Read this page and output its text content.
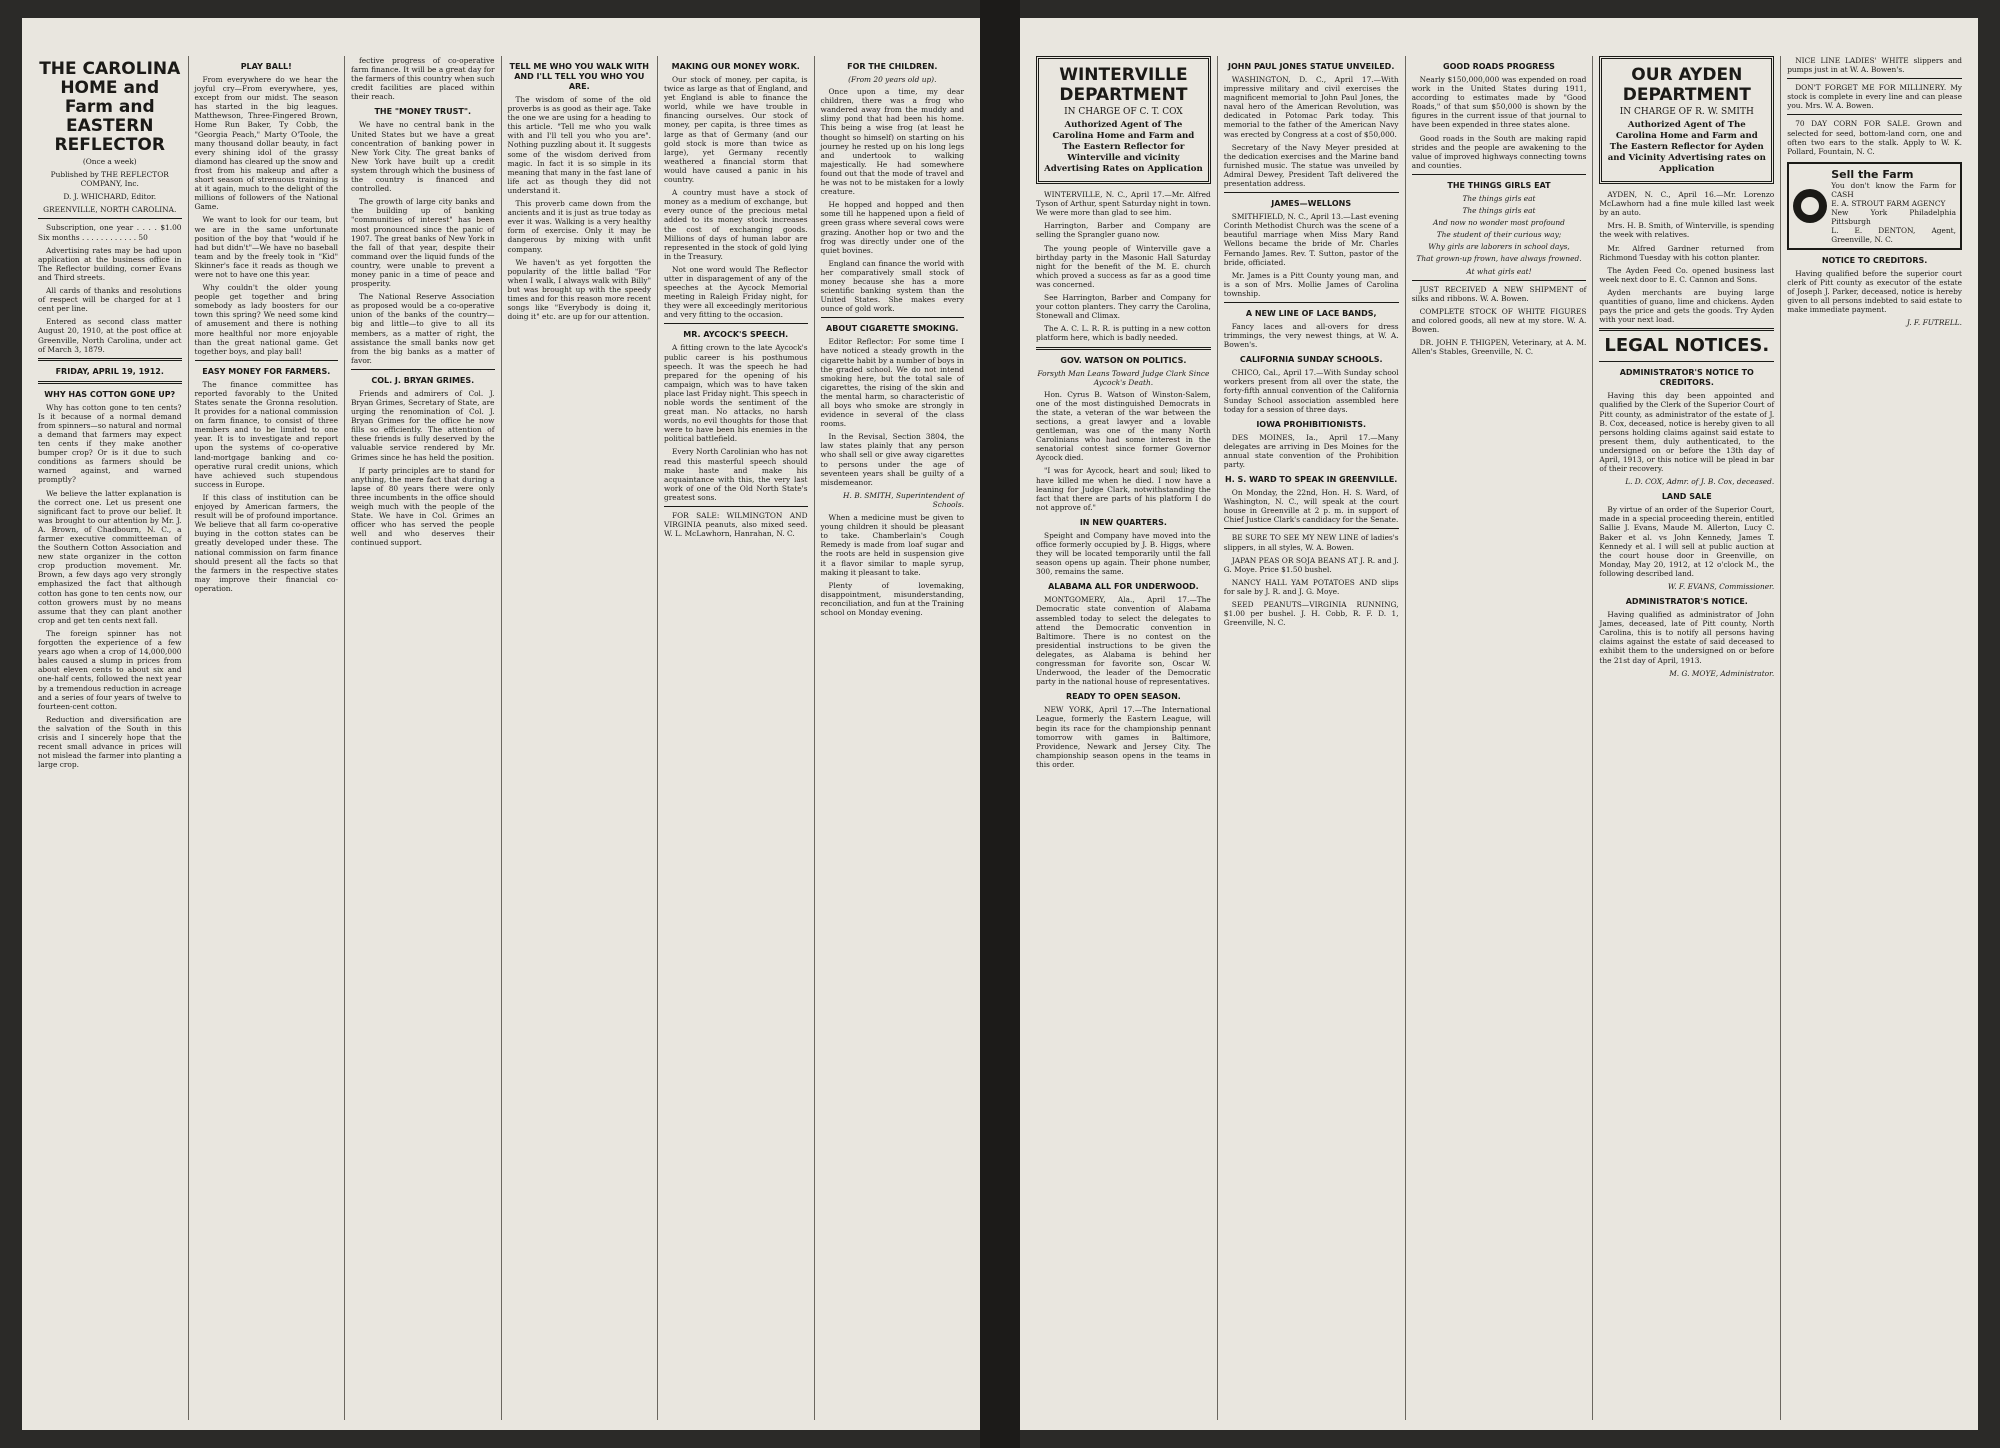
THE CAROLINA HOME and Farm and EASTERN REFLECTOR
(Once a week)
Published by THE REFLECTOR COMPANY, Inc.
D. J. WHICHARD, Editor.
GREENVILLE, NORTH CAROLINA.

Subscription, one year . . . . $1.00 Six months . . . . . . . . . . . . 50

Advertising rates may be had upon application at the business office in The Reflector building, corner Evans and Third streets.

All cards of thanks and resolutions of respect will be charged for at 1 cent per line.

Entered as second class matter August 20, 1910, at the post office at Greenville, North Carolina, under act of March 3, 1879.

FRIDAY, APRIL 19, 1912.
WHY HAS COTTON GONE UP?

Why has cotton gone to ten cents? Is it because of a normal demand from spinners—so natural and normal a demand that farmers may expect ten cents if they make another bumper crop? Or is it due to such conditions as farmers should be warned against, and warned promptly?

We believe the latter explanation is the correct one. Let us present one significant fact to prove our belief. It was brought to our attention by Mr. J. A. Brown, of Chadbourn, N. C., a farmer executive committeeman of the Southern Cotton Association and new state organizer in the cotton crop production movement. Mr. Brown, a few days ago very strongly emphasized the fact that although cotton has gone to ten cents now, our cotton growers must by no means assume that they can plant another crop and get ten cents next fall.

The foreign spinner has not forgotten the experience of a few years ago when a crop of 14,000,000 bales caused a slump in prices from about eleven cents to about six and one-half cents, followed the next year by a tremendous reduction in acreage and a series of four years of twelve to fourteen-cent cotton.

Reduction and diversification are the salvation of the South in this crisis and I sincerely hope that the recent small advance in prices will not mislead the farmer into planting a large crop.

PLAY BALL!

From everywhere do we hear the joyful cry—From everywhere, yes, except from our midst. The season has started in the big leagues. Matthewson, Three-Fingered Brown, Home Run Baker, Ty Cobb, the "Georgia Peach," Marty O'Toole, the many thousand dollar beauty, in fact every shining idol of the grassy diamond has cleared up the snow and frost from his makeup and after a short season of strenuous training is at it again, much to the delight of the millions of followers of the National Game.

We want to look for our team, but we are in the same unfortunate position of the boy that "would if he had but didn't"—We have no baseball team and by the freely took in "Kid" Skinner's face it reads as though we were not to have one this year.

Why couldn't the older young people get together and bring somebody as lady boosters for our town this spring? We need some kind of amusement and there is nothing more healthful nor more enjoyable than the great national game. Get together boys, and play ball!

EASY MONEY FOR FARMERS.

The finance committee has reported favorably to the United States senate the Gronna resolution. It provides for a national commission on farm finance, to consist of three members and to be limited to one year. It is to investigate and report upon the systems of co-operative land-mortgage banking and co-operative rural credit unions, which have achieved such stupendous success in Europe.

If this class of institution can be enjoyed by American farmers, the result will be of profound importance. We believe that all farm co-operative buying in the cotton states can be greatly developed under these. The national commission on farm finance should present all the facts so that the farmers in the respective states may improve their financial co-operation.

fective progress of co-operative farm finance. It will be a great day for the farmers of this country when such credit facilities are placed within their reach.

THE "MONEY TRUST".

We have no central bank in the United States but we have a great concentration of banking power in New York City. The great banks of New York have built up a credit system through which the business of the country is financed and controlled.

The growth of large city banks and the building up of banking "communities of interest" has been most pronounced since the panic of 1907. The great banks of New York in the fall of that year, despite their command over the liquid funds of the country, were unable to prevent a money panic in a time of peace and prosperity.

The National Reserve Association as proposed would be a co-operative union of the banks of the country—big and little—to give to all its members, as a matter of right, the assistance the small banks now get from the big banks as a matter of favor.

COL. J. BRYAN GRIMES.

Friends and admirers of Col. J. Bryan Grimes, Secretary of State, are urging the renomination of Col. J. Bryan Grimes for the office he now fills so efficiently. The attention of these friends is fully deserved by the valuable service rendered by Mr. Grimes since he has held the position.

If party principles are to stand for anything, the mere fact that during a lapse of 80 years there were only three incumbents in the office should weigh much with the people of the State. We have in Col. Grimes an officer who has served the people well and who deserves their continued support.

TELL ME WHO YOU WALK WITH AND I'LL TELL YOU WHO YOU ARE.

The wisdom of some of the old proverbs is as good as their age. Take the one we are using for a heading to this article. "Tell me who you walk with and I'll tell you who you are". Nothing puzzling about it. It suggests some of the wisdom derived from magic. In fact it is so simple in its meaning that many in the fast lane of life act as though they did not understand it.

This proverb came down from the ancients and it is just as true today as ever it was. Walking is a very healthy form of exercise. Only it may be dangerous by mixing with unfit company.

We haven't as yet forgotten the popularity of the little ballad "For when I walk, I always walk with Billy" but was brought up with the speedy times and for this reason more recent songs like "Everybody is doing it, doing it" etc. are up for our attention.

MAKING OUR MONEY WORK.

Our stock of money, per capita, is twice as large as that of England, and yet England is able to finance the world, while we have trouble in financing ourselves. Our stock of money, per capita, is three times as large as that of Germany (and our gold stock is more than twice as large), yet Germany recently weathered a financial storm that would have caused a panic in his country.

A country must have a stock of money as a medium of exchange, but every ounce of the precious metal added to its money stock increases the cost of exchanging goods. Millions of days of human labor are represented in the stock of gold lying in the Treasury.

Not one word would The Reflector utter in disparagement of any of the speeches at the Aycock Memorial meeting in Raleigh Friday night, for they were all exceedingly meritorious and very fitting to the occasion.

MR. AYCOCK'S SPEECH.

A fitting crown to the late Aycock's public career is his posthumous speech. It was the speech he had prepared for the opening of his campaign, which was to have taken place last Friday night. This speech in noble words the sentiment of the great man. No attacks, no harsh words, no evil thoughts for those that were to have been his enemies in the political battlefield.

Every North Carolinian who has not read this masterful speech should make haste and make his acquaintance with this, the very last work of one of the Old North State's greatest sons.

FOR SALE: WILMINGTON AND VIRGINIA peanuts, also mixed seed. W. L. McLawhorn, Hanrahan, N. C.

FOR THE CHILDREN.
(From 20 years old up).

Once upon a time, my dear children, there was a frog who wandered away from the muddy and slimy pond that had been his home. This being a wise frog (at least he thought so himself) on starting on his journey he rested up on his long legs and undertook to walking majestically. He had somewhere found out that the mode of travel and he was not to be mistaken for a lowly creature.

He hopped and hopped and then some till he happened upon a field of green grass where several cows were grazing. Another hop or two and the frog was directly under one of the quiet bovines.

England can finance the world with her comparatively small stock of money because she has a more scientific banking system than the United States. She makes every ounce of gold work.

ABOUT CIGARETTE SMOKING.

Editor Reflector: For some time I have noticed a steady growth in the cigarette habit by a number of boys in the graded school. We do not intend smoking here, but the total sale of cigarettes, the rising of the skin and the mental harm, so characteristic of all boys who smoke are strongly in evidence in several of the class rooms.

In the Revisal, Section 3804, the law states plainly that any person who shall sell or give away cigarettes to persons under the age of seventeen years shall be guilty of a misdemeanor.

H. B. SMITH, Superintendent of Schools.

When a medicine must be given to young children it should be pleasant to take. Chamberlain's Cough Remedy is made from loaf sugar and the roots are held in suspension give it a flavor similar to maple syrup, making it pleasant to take.

Plenty of lovemaking, disappointment, misunderstanding, reconciliation, and fun at the Training school on Monday evening.

WINTERVILLE DEPARTMENT
IN CHARGE OF C. T. COX
Authorized Agent of The Carolina Home and Farm and The Eastern Reflector for Winterville and vicinity Advertising Rates on Application

WINTERVILLE, N. C., April 17.—Mr. Alfred Tyson of Arthur, spent Saturday night in town. We were more than glad to see him.

Harrington, Barber and Company are selling the Sprangler guano now.

The young people of Winterville gave a birthday party in the Masonic Hall Saturday night for the benefit of the M. E. church which proved a success as far as a good time was concerned.

See Harrington, Barber and Company for your cotton planters. They carry the Carolina, Stonewall and Climax.

The A. C. L. R. R. is putting in a new cotton platform here, which is badly needed.

GOV. WATSON ON POLITICS.
Forsyth Man Leans Toward Judge Clark Since Aycock's Death.

Hon. Cyrus B. Watson of Winston-Salem, one of the most distinguished Democrats in the state, a veteran of the war between the sections, a great lawyer and a lovable gentleman, was one of the many North Carolinians who had some interest in the senatorial contest since former Governor Aycock died.

"I was for Aycock, heart and soul; liked to have killed me when he died. I now have a leaning for Judge Clark, notwithstanding the fact that there are parts of his platform I do not approve of."

IN NEW QUARTERS.

Speight and Company have moved into the office formerly occupied by J. B. Higgs, where they will be located temporarily until the fall season opens up again. Their phone number, 300, remains the same.

ALABAMA ALL FOR UNDERWOOD.

MONTGOMERY, Ala., April 17.—The Democratic state convention of Alabama assembled today to select the delegates to attend the Democratic convention in Baltimore. There is no contest on the presidential instructions to be given the delegates, as Alabama is behind her congressman for favorite son, Oscar W. Underwood, the leader of the Democratic party in the national house of representatives.

READY TO OPEN SEASON.

NEW YORK, April 17.—The International League, formerly the Eastern League, will begin its race for the championship pennant tomorrow with games in Baltimore, Providence, Newark and Jersey City. The championship season opens in the teams in this order.

JOHN PAUL JONES STATUE UNVEILED.

WASHINGTON, D. C., April 17.—With impressive military and civil exercises the magnificent memorial to John Paul Jones, the naval hero of the American Revolution, was dedicated in Potomac Park today. This memorial to the father of the American Navy was erected by Congress at a cost of $50,000.

Secretary of the Navy Meyer presided at the dedication exercises and the Marine band furnished music. The statue was unveiled by Admiral Dewey, President Taft delivered the presentation address.

JAMES—WELLONS

SMITHFIELD, N. C., April 13.—Last evening Corinth Methodist Church was the scene of a beautiful marriage when Miss Mary Rand Wellons became the bride of Mr. Charles Fernando James. Rev. T. Sutton, pastor of the bride, officiated.

Mr. James is a Pitt County young man, and is a son of Mrs. Mollie James of Carolina township.

A NEW LINE OF LACE BANDS,

Fancy laces and all-overs for dress trimmings, the very newest things, at W. A. Bowen's.

CALIFORNIA SUNDAY SCHOOLS.

CHICO, Cal., April 17.—With Sunday school workers present from all over the state, the forty-fifth annual convention of the California Sunday School association assembled here today for a session of three days.

IOWA PROHIBITIONISTS.

DES MOINES, Ia., April 17.—Many delegates are arriving in Des Moines for the annual state convention of the Prohibition party.

H. S. WARD TO SPEAK IN GREENVILLE.

On Monday, the 22nd, Hon. H. S. Ward, of Washington, N. C., will speak at the court house in Greenville at 2 p. m. in support of Chief Justice Clark's candidacy for the Senate.

BE SURE TO SEE MY NEW LINE of ladies's slippers, in all styles, W. A. Bowen.

JAPAN PEAS OR SOJA BEANS AT J. R. and J. G. Moye. Price $1.50 bushel.

NANCY HALL YAM POTATOES AND slips for sale by J. R. and J. G. Moye.

SEED PEANUTS—VIRGINIA RUNNING, $1.00 per bushel. J. H. Cobb, R. F. D. 1, Greenville, N. C.

GOOD ROADS PROGRESS

Nearly $150,000,000 was expended on road work in the United States during 1911, according to estimates made by "Good Roads," of that sum $50,000 is shown by the figures in the current issue of that journal to have been expended in three states alone.

Good roads in the South are making rapid strides and the people are awakening to the value of improved highways connecting towns and counties.

THE THINGS GIRLS EAT
The things girls eat
The things girls eat
And now no wonder most profound
The student of their curious way;
Why girls are laborers in school days,
That grown-up frown, have always frowned.
At what girls eat!

JUST RECEIVED A NEW SHIPMENT of silks and ribbons. W. A. Bowen.

COMPLETE STOCK OF WHITE FIGURES and colored goods, all new at my store. W. A. Bowen.

DR. JOHN F. THIGPEN, Veterinary, at A. M. Allen's Stables, Greenville, N. C.

OUR AYDEN DEPARTMENT
IN CHARGE OF R. W. SMITH
Authorized Agent of The Carolina Home and Farm and The Eastern Reflector for Ayden and Vicinity Advertising rates on Application

AYDEN, N. C., April 16.—Mr. Lorenzo McLawhorn had a fine mule killed last week by an auto.

Mrs. H. B. Smith, of Winterville, is spending the week with relatives.

Mr. Alfred Gardner returned from Richmond Tuesday with his cotton planter.

The Ayden Feed Co. opened business last week next door to E. C. Cannon and Sons.

Ayden merchants are buying large quantities of guano, lime and chickens. Ayden pays the price and gets the goods. Try Ayden with your next load.

LEGAL NOTICES.
ADMINISTRATOR'S NOTICE TO CREDITORS.

Having this day been appointed and qualified by the Clerk of the Superior Court of Pitt county, as administrator of the estate of J. B. Cox, deceased, notice is hereby given to all persons holding claims against said estate to present them, duly authenticated, to the undersigned on or before the 13th day of April, 1913, or this notice will be plead in bar of their recovery.

L. D. COX, Admr. of J. B. Cox, deceased.
LAND SALE

By virtue of an order of the Superior Court, made in a special proceeding therein, entitled Sallie J. Evans, Maude M. Allerton, Lucy C. Baker et al. vs John Kennedy, James T. Kennedy et al. I will sell at public auction at the court house door in Greenville, on Monday, May 20, 1912, at 12 o'clock M., the following described land.

W. F. EVANS, Commissioner.
ADMINISTRATOR'S NOTICE.

Having qualified as administrator of John James, deceased, late of Pitt county, North Carolina, this is to notify all persons having claims against the estate of said deceased to exhibit them to the undersigned on or before the 21st day of April, 1913.

M. G. MOYE, Administrator.

NICE LINE LADIES' WHITE slippers and pumps just in at W. A. Bowen's.

DON'T FORGET ME FOR MILLINERY. My stock is complete in every line and can please you. Mrs. W. A. Bowen.

70 DAY CORN FOR SALE. Grown and selected for seed, bottom-land corn, one and often two ears to the stalk. Apply to W. K. Pollard, Fountain, N. C.

Sell the Farm
You don't know the Farm for CASH
E. A. STROUT FARM AGENCY
New York Philadelphia Pittsburgh
L. E. DENTON, Agent, Greenville, N. C.
NOTICE TO CREDITORS.

Having qualified before the superior court clerk of Pitt county as executor of the estate of Joseph J. Parker, deceased, notice is hereby given to all persons indebted to said estate to make immediate payment.

J. F. FUTRELL.
